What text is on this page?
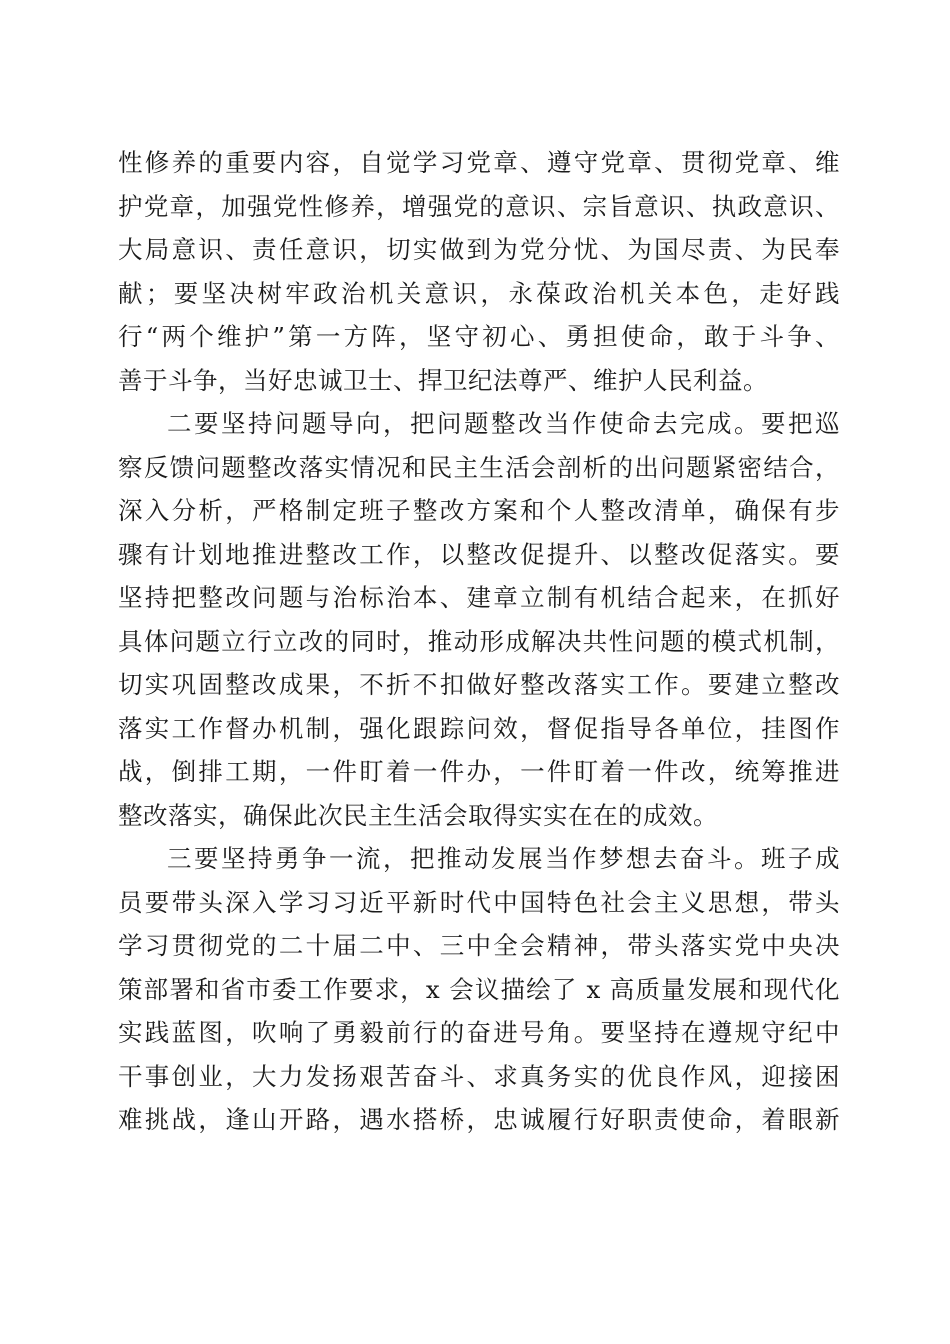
性修养的重要内容，自觉学习党章、遵守党章、贯彻党章、维
护党章，加强党性修养，增强党的意识、宗旨意识、执政意识、
大局意识、责任意识，切实做到为党分忧、为国尽责、为民奉
献；要坚决树牢政治机关意识，永葆政治机关本色，走好践
行“两个维护”第一方阵，坚守初心、勇担使命，敢于斗争、
善于斗争，当好忠诚卫士、捍卫纪法尊严、维护人民利益。
二要坚持问题导向，把问题整改当作使命去完成。要把巡
察反馈问题整改落实情况和民主生活会剖析的出问题紧密结合，
深入分析，严格制定班子整改方案和个人整改清单，确保有步
骤有计划地推进整改工作，以整改促提升、以整改促落实。要
坚持把整改问题与治标治本、建章立制有机结合起来，在抓好
具体问题立行立改的同时，推动形成解决共性问题的模式机制，
切实巩固整改成果，不折不扣做好整改落实工作。要建立整改
落实工作督办机制，强化跟踪问效，督促指导各单位，挂图作
战，倒排工期，一件盯着一件办，一件盯着一件改，统筹推进
整改落实，确保此次民主生活会取得实实在在的成效。
三要坚持勇争一流，把推动发展当作梦想去奋斗。班子成
员要带头深入学习习近平新时代中国特色社会主义思想，带头
学习贯彻党的二十届二中、三中全会精神，带头落实党中央决
策部署和省市委工作要求，x 会议描绘了 x 高质量发展和现代化
实践蓝图，吹响了勇毅前行的奋进号角。要坚持在遵规守纪中
干事创业，大力发扬艰苦奋斗、求真务实的优良作风，迎接困
难挑战，逢山开路，遇水搭桥，忠诚履行好职责使命，着眼新
